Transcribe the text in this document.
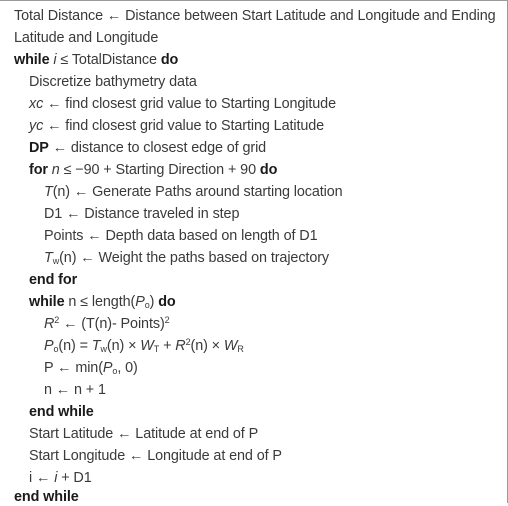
Total Distance ← Distance between Start Latitude and Longitude and Ending
Latitude and Longitude
while i ≤ TotalDistance do
Discretize bathymetry data
xc ← find closest grid value to Starting Longitude
yc ← find closest grid value to Starting Latitude
DP ← distance to closest edge of grid
for n ≤ −90 + Starting Direction + 90 do
T(n) ← Generate Paths around starting location
D1 ← Distance traveled in step
Points ← Depth data based on length of D1
$T_w(n)$ ← Weight the paths based on trajectory
end for
while $n \le length(P_o)$ do
$R^2$ ← (T(n)- Points)$^2$
$P_o(n) = T_w(n) \times W_T + R^2(n) \times W_R$
P ← $\min(P_o$, 0)
n ← n + 1
end while
Start Latitude ← Latitude at end of P
Start Longitude ← Longitude at end of P
i ← i + D1
end while
